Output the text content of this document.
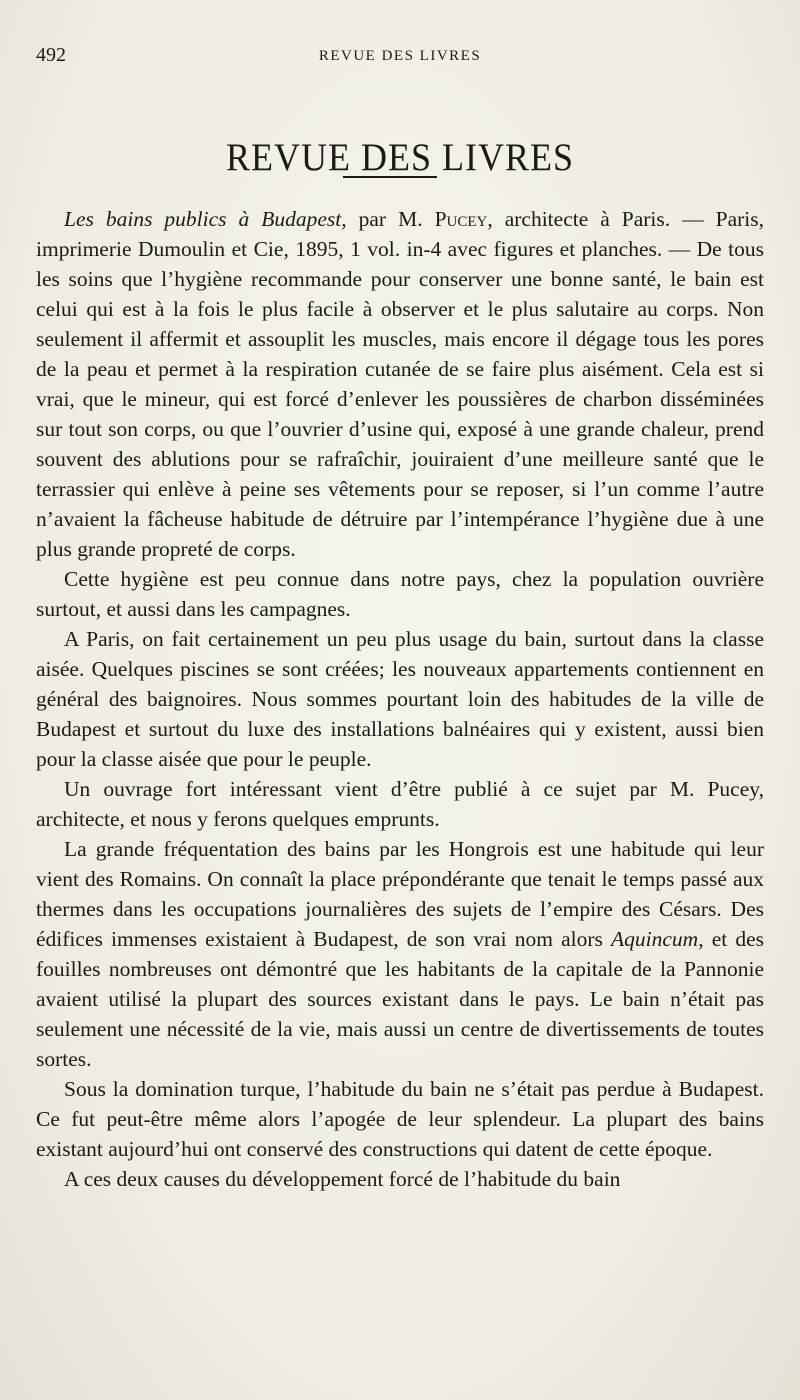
492	REVUE DES LIVRES
REVUE DES LIVRES

Les bains publics à Budapest, par M. Pucey, architecte à Paris. — Paris, imprimerie Dumoulin et Cie, 1895, 1 vol. in-4 avec figures et planches. — De tous les soins que l’hygiène recommande pour conserver une bonne santé, le bain est celui qui est à la fois le plus facile à observer et le plus salutaire au corps. Non seulement il affermit et assouplit les muscles, mais encore il dégage tous les pores de la peau et permet à la respiration cutanée de se faire plus aisément. Cela est si vrai, que le mineur, qui est forcé d’enlever les poussières de charbon disséminées sur tout son corps, ou que l’ouvrier d’usine qui, exposé à une grande chaleur, prend souvent des ablutions pour se rafraîchir, jouiraient d’une meilleure santé que le terrassier qui enlève à peine ses vêtements pour se reposer, si l’un comme l’autre n’avaient la fâcheuse habitude de détruire par l’intempérance l’hygiène due à une plus grande propreté de corps.

Cette hygiène est peu connue dans notre pays, chez la population ouvrière surtout, et aussi dans les campagnes.

A Paris, on fait certainement un peu plus usage du bain, surtout dans la classe aisée. Quelques piscines se sont créées; les nouveaux appartements contiennent en général des baignoires. Nous sommes pourtant loin des habitudes de la ville de Budapest et surtout du luxe des installations balnéaires qui y existent, aussi bien pour la classe aisée que pour le peuple.

Un ouvrage fort intéressant vient d’être publié à ce sujet par M. Pucey, architecte, et nous y ferons quelques emprunts.

La grande fréquentation des bains par les Hongrois est une habitude qui leur vient des Romains. On connaît la place prépondérante que tenait le temps passé aux thermes dans les occupations journalières des sujets de l’empire des Césars. Des édifices immenses existaient à Budapest, de son vrai nom alors Aquincum, et des fouilles nombreuses ont démontré que les habitants de la capitale de la Pannonie avaient utilisé la plupart des sources existant dans le pays. Le bain n’était pas seulement une nécessité de la vie, mais aussi un centre de divertissements de toutes sortes.

Sous la domination turque, l’habitude du bain ne s’était pas perdue à Budapest. Ce fut peut-être même alors l’apogée de leur splendeur. La plupart des bains existant aujourd’hui ont conservé des constructions qui datent de cette époque.

A ces deux causes du développement forcé de l’habitude du bain
